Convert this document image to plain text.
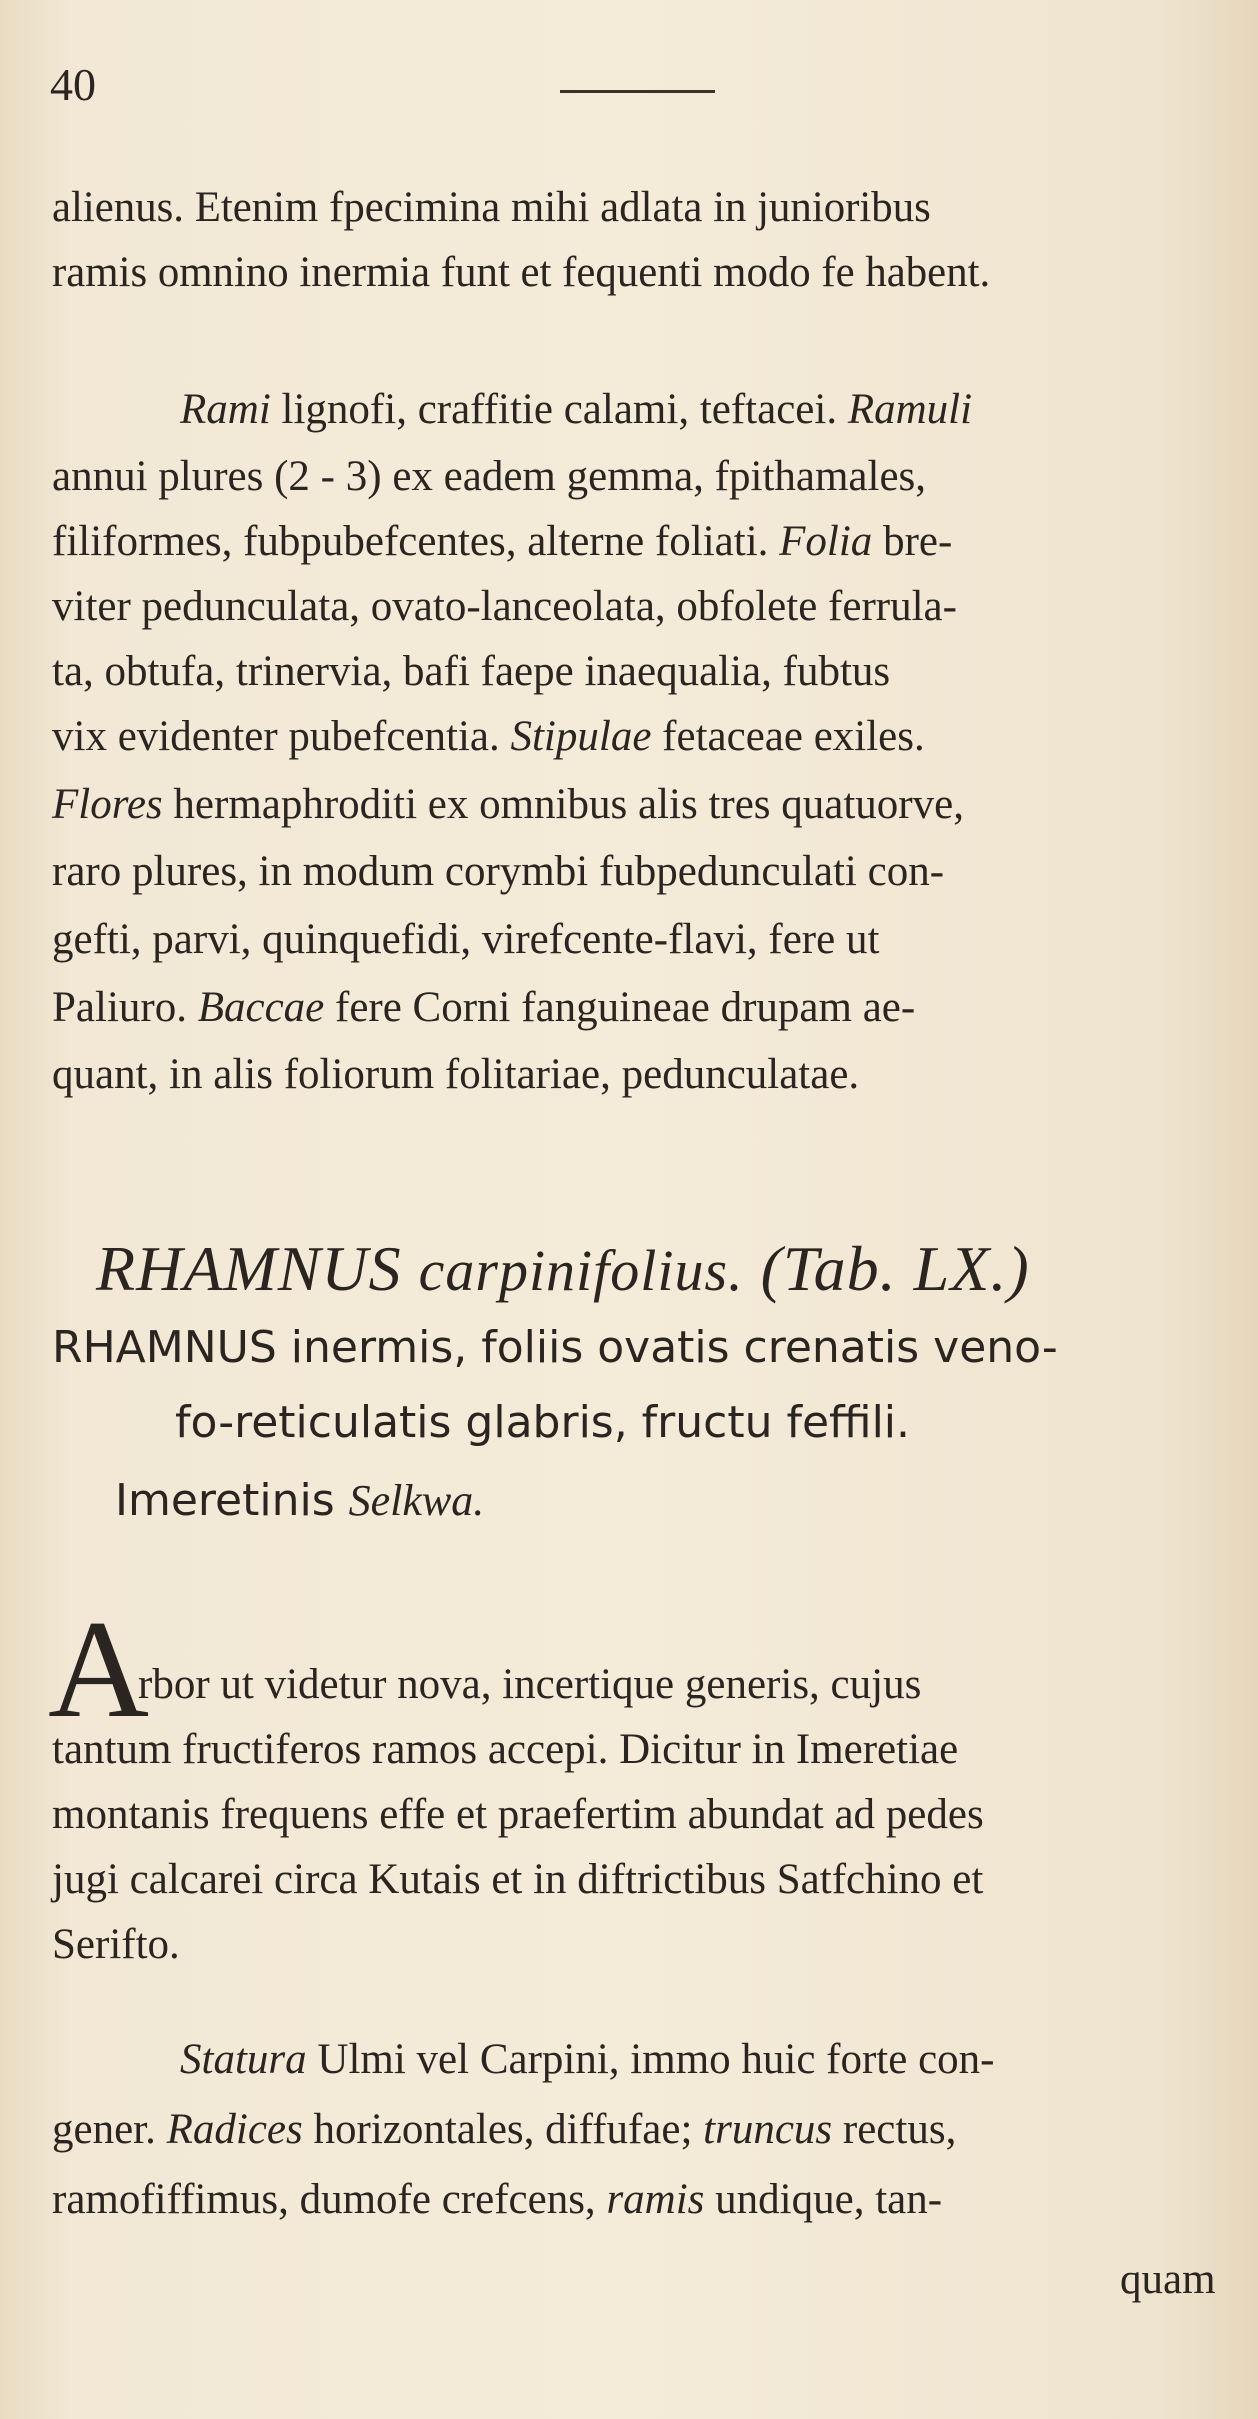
40
alienus. Etenim fpecimina mihi adlata in junioribus
ramis omnino inermia funt et fequenti modo fe habent.
Rami lignofi, craffitie calami, teftacei. Ramuli
annui plures (2 - 3) ex eadem gemma, fpithamales,
filiformes, fubpubefcentes, alterne foliati. Folia bre-
viter pedunculata, ovato-lanceolata, obfolete ferrula-
ta, obtufa, trinervia, bafi faepe inaequalia, fubtus
vix evidenter pubefcentia. Stipulae fetaceae exiles.
Flores hermaphroditi ex omnibus alis tres quatuorve,
raro plures, in modum corymbi fubpedunculati con-
gefti, parvi, quinquefidi, virefcente-flavi, fere ut
Paliuro. Baccae fere Corni fanguineae drupam ae-
quant, in alis foliorum folitariae, pedunculatae.
RHAMNUS carpinifolius. (Tab. LX.)
RHAMNUS inermis, foliis ovatis crenatis veno-
fo-reticulatis glabris, fructu feffili.
Imeretinis Selkwa.
A
rbor ut videtur nova, incertique generis, cujus
tantum fructiferos ramos accepi. Dicitur in Imeretiae
montanis frequens effe et praefertim abundat ad pedes
jugi calcarei circa Kutais et in diftrictibus Satfchino et
Serifto.
Statura Ulmi vel Carpini, immo huic forte con-
gener. Radices horizontales, diffufae; truncus rectus,
ramofiffimus, dumofe crefcens, ramis undique, tan-
quam
